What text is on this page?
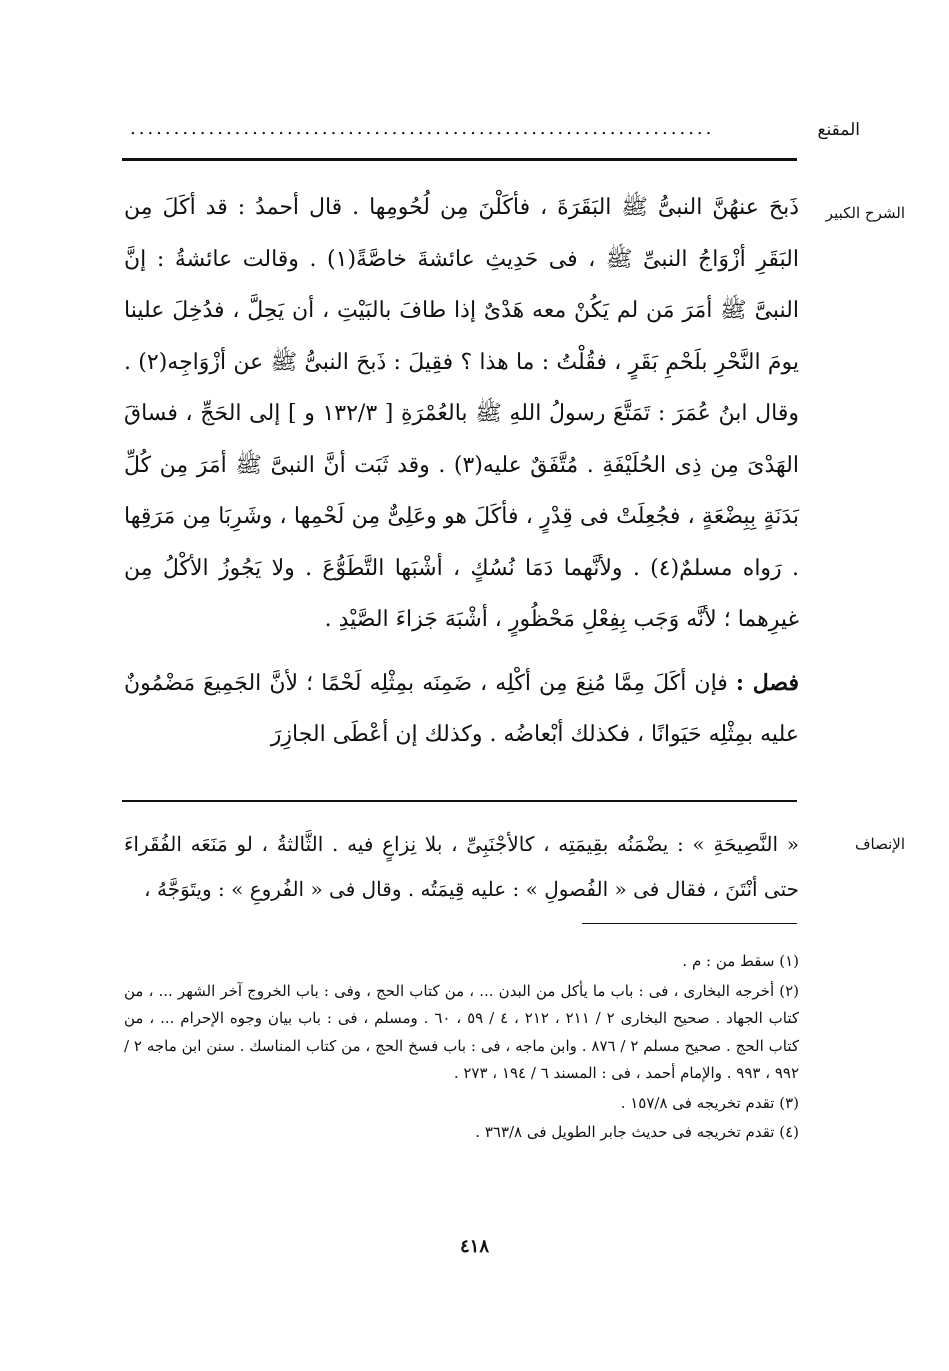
المقنع
...................................................................
الشرح الكبير

ذَبحَ عنهُنَّ النبىُّ ﷺ البَقَرَةَ ، فأكَلْنَ مِن لُحُومِها . قال أحمدُ : قد أكَلَ مِن البَقَرِ أزْوَاجُ النبىِّ ﷺ ، فى حَدِيثِ عائشةَ خاصَّةً(١) . وقالت عائشةُ : إنَّ النبىَّ ﷺ أمَرَ مَن لم يَكُنْ معه هَدْىٌ إذا طافَ بالبَيْتِ ، أن يَحِلَّ ، فدُخِلَ علينا يومَ النَّحْرِ بلَحْمِ بَقَرٍ ، فقُلْتُ : ما هذا ؟ فقِيلَ : ذَبحَ النبىُّ ﷺ عن أزْوَاجِه(٢) . وقال ابنُ عُمَرَ : تَمَتَّعَ رسولُ اللهِ ﷺ بالعُمْرَةِ [ ١٣٢/٣ و ] إلى الحَجِّ ، فساقَ الهَدْىَ مِن ذِى الحُلَيْفَةِ . مُتَّفَقٌ عليه(٣) . وقد ثَبَت أنَّ النبىَّ ﷺ أمَرَ مِن كُلِّ بَدَنَةٍ بِبِضْعَةٍ ، فجُعِلَتْ فى قِدْرٍ ، فأكَلَ هو وعَلِىٌّ مِن لَحْمِها ، وشَرِبَا مِن مَرَقِها . رَواه مسلمٌ(٤) . ولأنَّهما دَمَا نُسُكٍ ، أشْبَها التَّطَوُّعَ . ولا يَجُوزُ الأكْلُ مِن غيرِهما ؛ لأنَّه وَجَب بِفِعْلِ مَحْظُورٍ ، أشْبَهَ جَزاءَ الصَّيْدِ .

فصل : فإن أكَلَ مِمَّا مُنِعَ مِن أكْلِه ، ضَمِنَه بمِثْلِه لَحْمًا ؛ لأنَّ الجَمِيعَ مَضْمُونٌ عليه بمِثْلِه حَيَوانًا ، فكذلك أبْعاضُه . وكذلك إن أعْطَى الجازِرَ

الإنصاف

« النَّصِيحَةِ » : يضْمَنُه بقِيمَتِه ، كالأجْنَبِىِّ ، بلا نِزاعٍ فيه . الثَّالثةُ ، لو مَنَعَه الفُقَراءَ حتى أنْتَنَ ، فقال فى « الفُصولِ » : عليه قِيمَتُه . وقال فى « الفُروعِ » : ويتَوَجَّهُ ،

(١) سقط من : م .

(٢) أخرجه البخارى ، فى : باب ما يأكل من البدن ... ، من كتاب الحج ، وفى : باب الخروج آخر الشهر ... ، من كتاب الجهاد . صحيح البخارى ٢ / ٢١١ ، ٢١٢ ، ٤ / ٥٩ ، ٦٠ . ومسلم ، فى : باب بيان وجوه الإحرام ... ، من كتاب الحج . صحيح مسلم ٢ / ٨٧٦ . وابن ماجه ، فى : باب فسخ الحج ، من كتاب المناسك . سنن ابن ماجه ٢ / ٩٩٢ ، ٩٩٣ . والإمام أحمد ، فى : المسند ٦ / ١٩٤ ، ٢٧٣ .

(٣) تقدم تخريجه فى ١٥٧/٨ .

(٤) تقدم تخريجه فى حديث جابر الطويل فى ٣٦٣/٨ .

٤١٨
